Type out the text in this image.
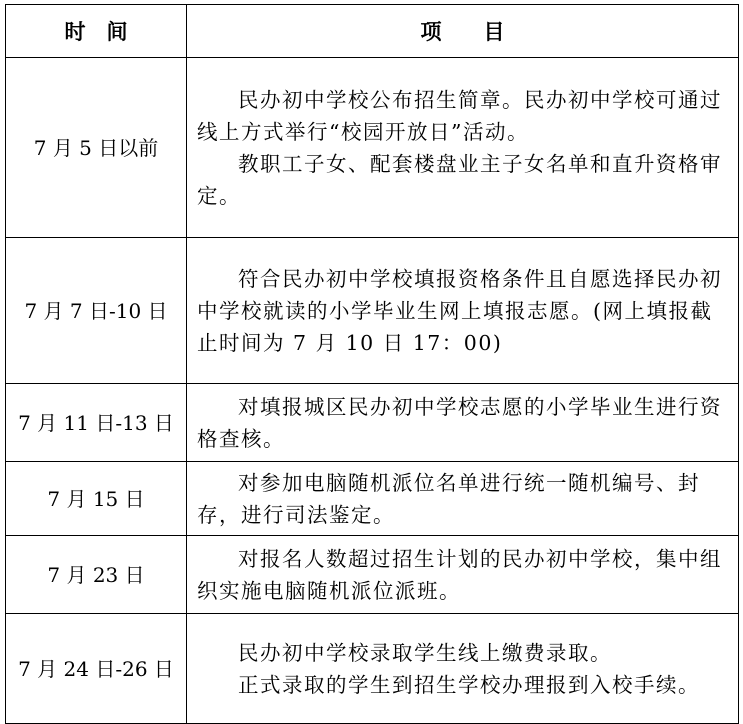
时　间	项　　目
7 月 5 日以前	民办初中学校公布招生简章。民办初中学校可通过线上方式举行“校园开放日”活动。

教职工子女、配套楼盘业主子女名单和直升资格审定。

7 月 7 日-10 日	符合民办初中学校填报资格条件且自愿选择民办初中学校就读的小学毕业生网上填报志愿。(网上填报截止时间为 7 月 10 日 17：00)

7 月 11 日-13 日	对填报城区民办初中学校志愿的小学毕业生进行资格查核。

7 月 15 日	对参加电脑随机派位名单进行统一随机编号、封存，进行司法鉴定。

7 月 23 日	对报名人数超过招生计划的民办初中学校，集中组织实施电脑随机派位派班。

7 月 24 日-26 日	民办初中学校录取学生线上缴费录取。

正式录取的学生到招生学校办理报到入校手续。
